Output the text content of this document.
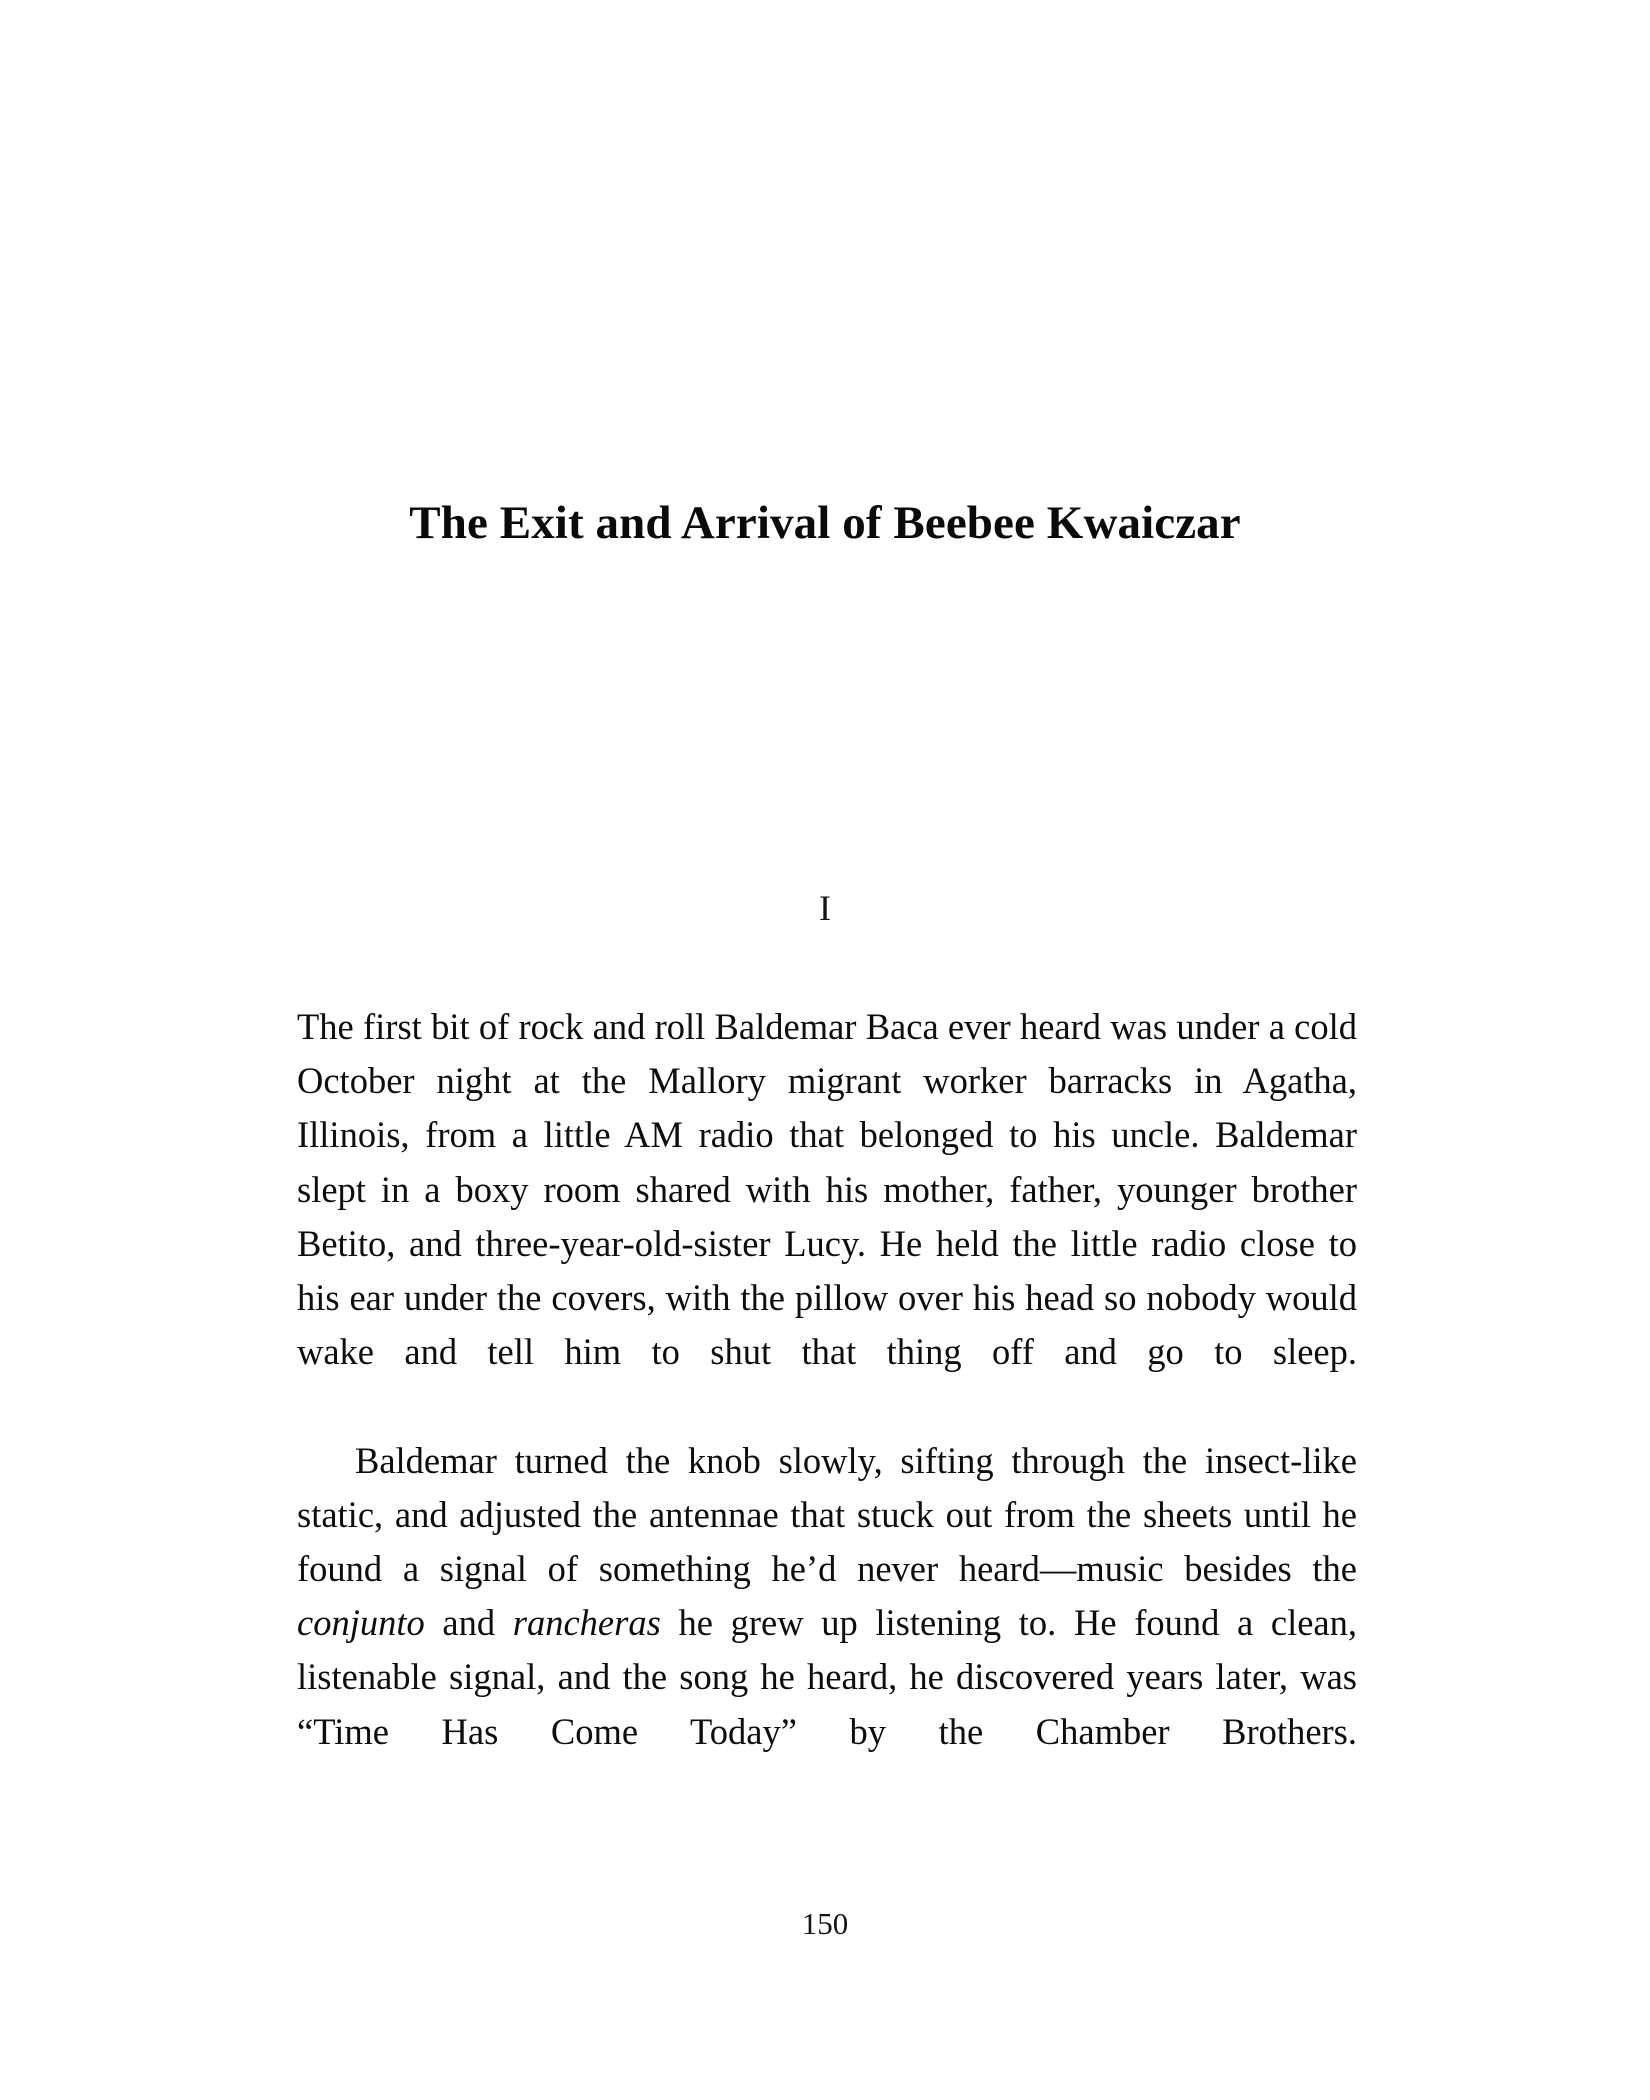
The Exit and Arrival of Beebee Kwaiczar
I

The first bit of rock and roll Baldemar Baca ever heard was under a cold October night at the Mallory migrant worker barracks in Agatha, Illinois, from a little AM radio that belonged to his uncle. Baldemar slept in a boxy room shared with his mother, father, younger brother Betito, and three-year-old-sister Lucy. He held the little radio close to his ear under the covers, with the pillow over his head so nobody would wake and tell him to shut that thing off and go to sleep.

Baldemar turned the knob slowly, sifting through the insect-like static, and adjusted the antennae that stuck out from the sheets until he found a signal of something he’d never heard—music besides the conjunto and rancheras he grew up listening to. He found a clean, listenable signal, and the song he heard, he discovered years later, was “Time Has Come Today” by the Chamber Brothers.

150
